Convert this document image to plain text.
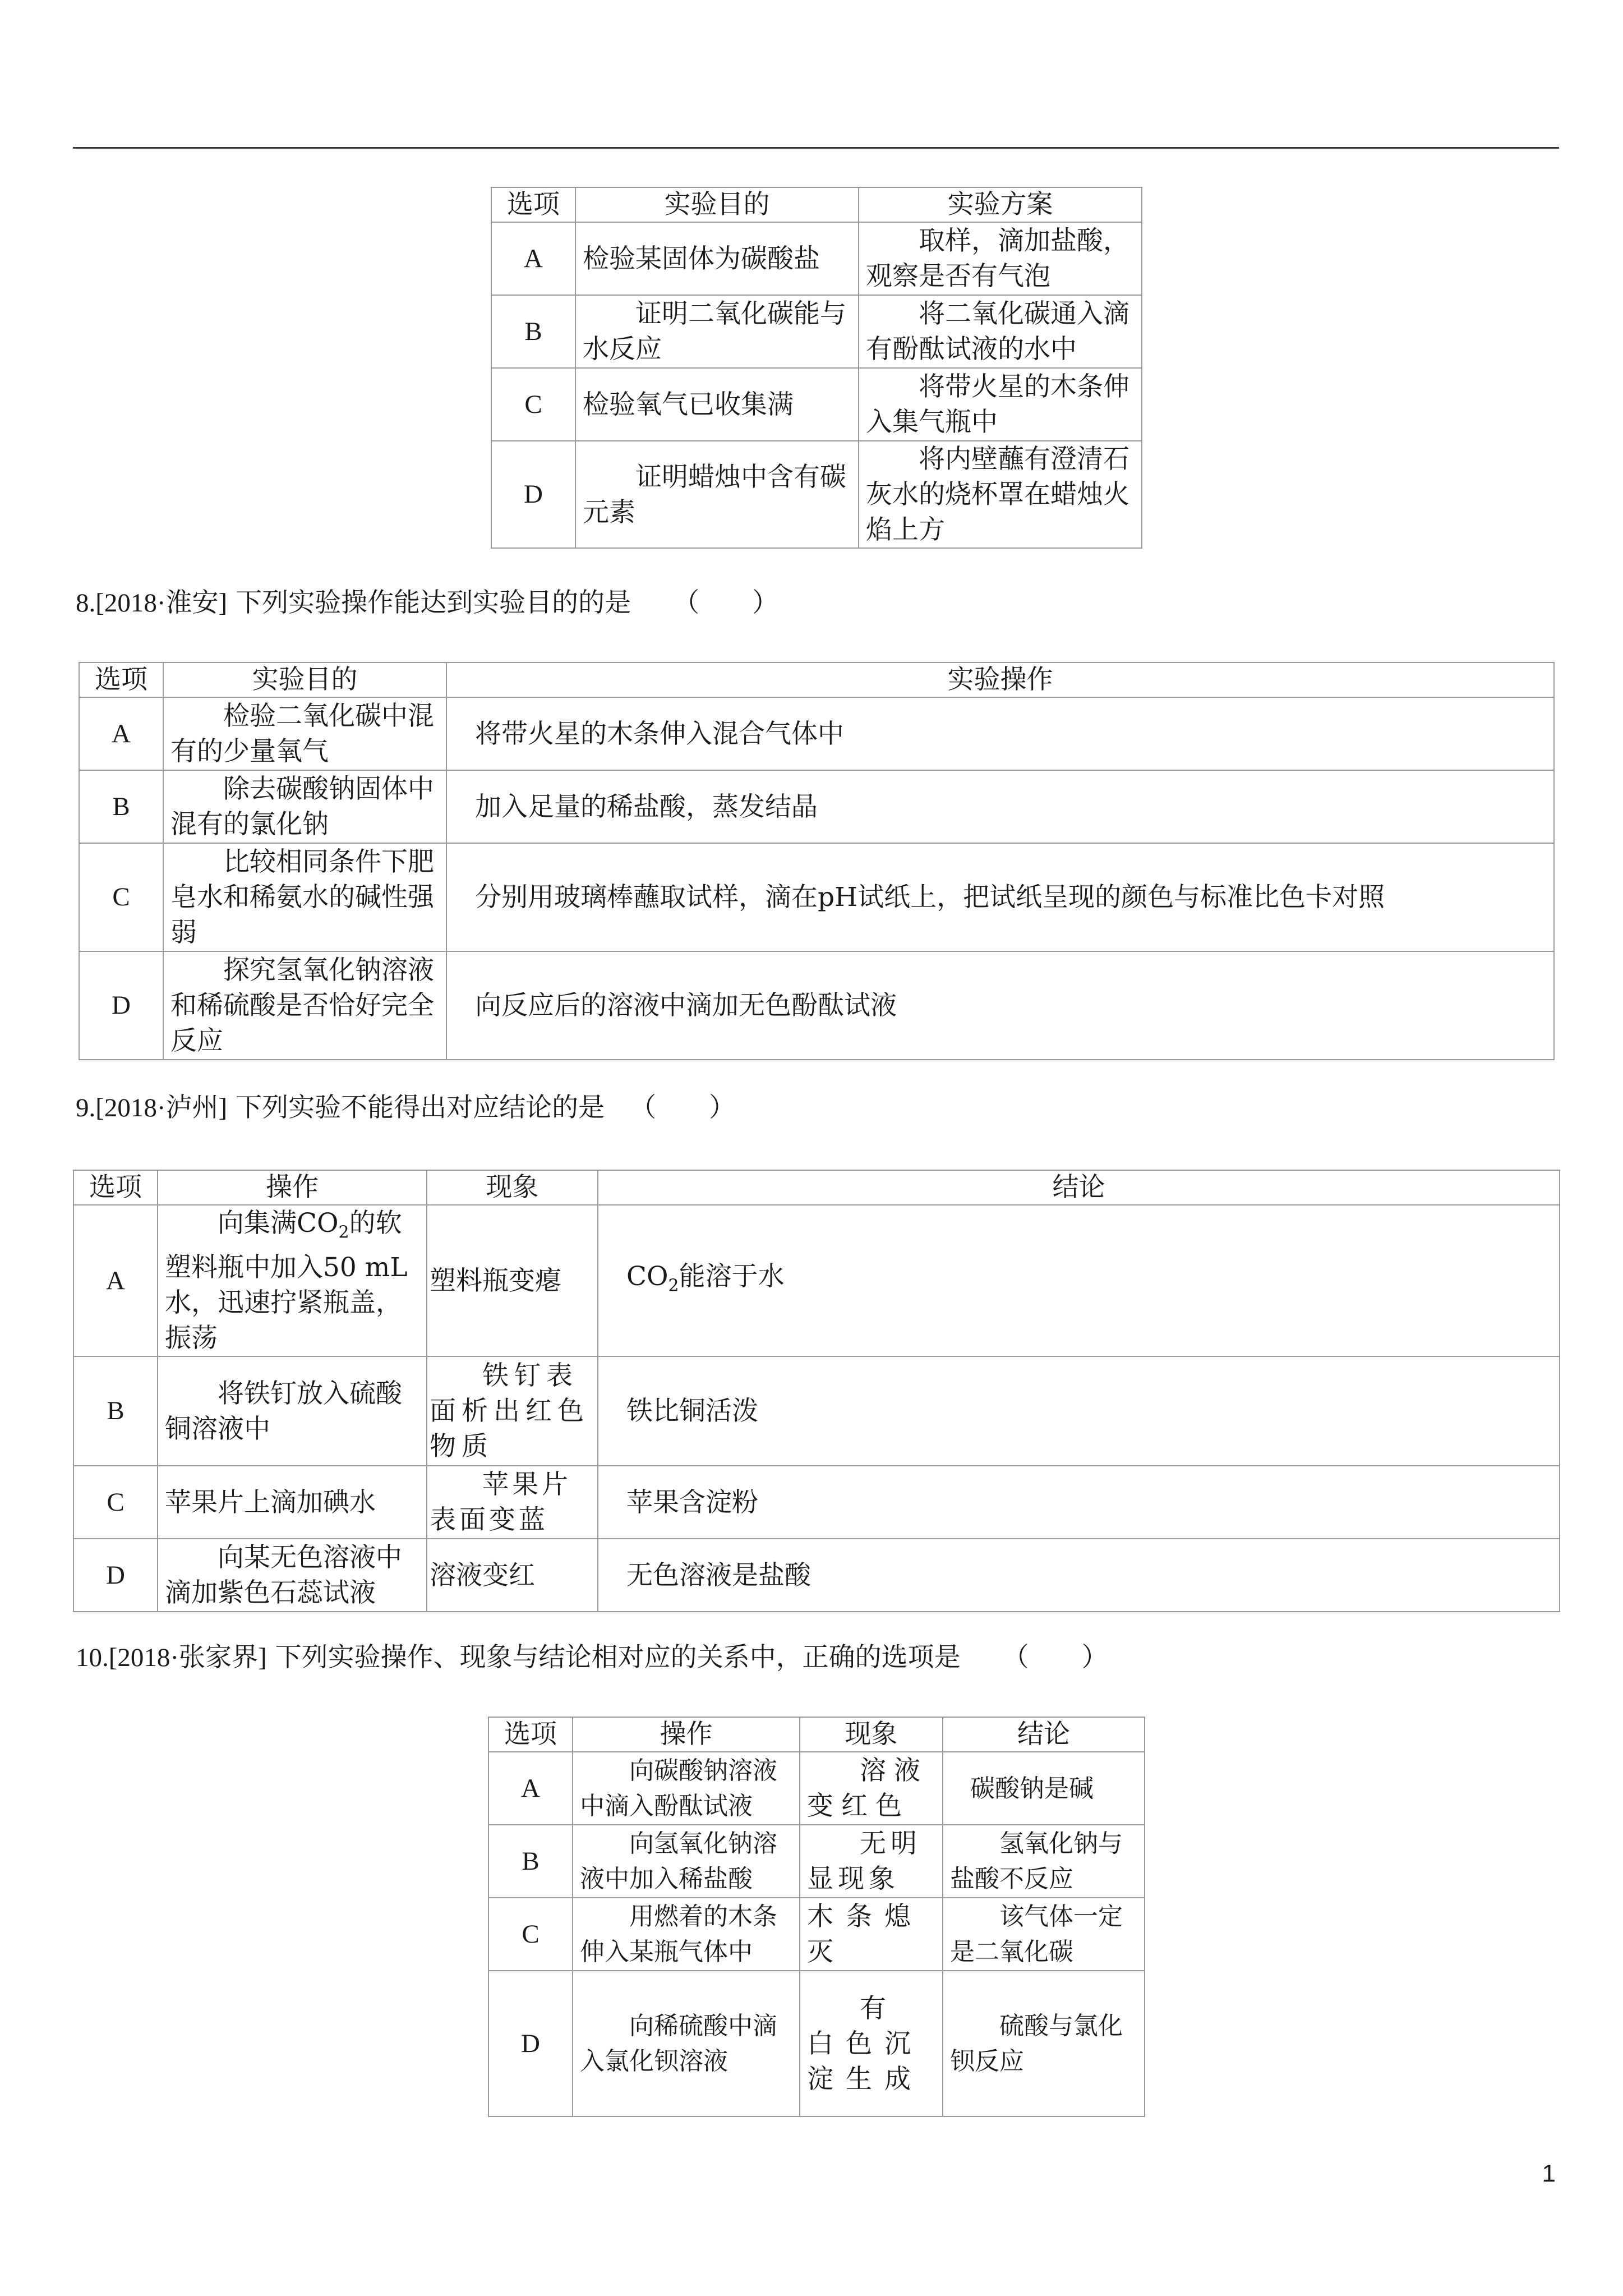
选项	实验目的	实验方案
A	检验某固体为碳酸盐	取样，滴加盐酸，观察是否有气泡
B	证明二氧化碳能与水反应	将二氧化碳通入滴有酚酞试液的水中
C	检验氧气已收集满	将带火星的木条伸入集气瓶中
D	证明蜡烛中含有碳元素	将内壁蘸有澄清石灰水的烧杯罩在蜡烛火焰上方
8.[2018·淮安] 下列实验操作能达到实验目的的是 （　　）
选项	实验目的	实验操作
A	检验二氧化碳中混有的少量氧气	将带火星的木条伸入混合气体中
B	除去碳酸钠固体中混有的氯化钠	加入足量的稀盐酸，蒸发结晶
C	比较相同条件下肥皂水和稀氨水的碱性强弱	分别用玻璃棒蘸取试样，滴在pH试纸上，把试纸呈现的颜色与标准比色卡对照
D	探究氢氧化钠溶液和稀硫酸是否恰好完全反应	向反应后的溶液中滴加无色酚酞试液
9.[2018·泸州] 下列实验不能得出对应结论的是 （　　）
选项	操作	现象	结论
A	向集满$CO_2$的软塑料瓶中加入50 mL水，迅速拧紧瓶盖，振荡	塑料瓶变瘪	$CO_2$能溶于水
B	将铁钉放入硫酸铜溶液中	铁钉表面析出红色物质	铁比铜活泼
C	苹果片上滴加碘水	苹果片表面变蓝	苹果含淀粉
D	向某无色溶液中滴加紫色石蕊试液	溶液变红	无色溶液是盐酸
10.[2018·张家界] 下列实验操作、现象与结论相对应的关系中，正确的选项是 （　　）
选项	操作	现象	结论
A	向碳酸钠溶液中滴入酚酞试液	溶液变红色	碳酸钠是碱
B	向氢氧化钠溶液中加入稀盐酸	无明显现象	氢氧化钠与盐酸不反应
C	用燃着的木条伸入某瓶气体中	木条熄灭	该气体一定是二氧化碳
D	向稀硫酸中滴入氯化钡溶液	有白色沉淀生成	硫酸与氯化钡反应
1
